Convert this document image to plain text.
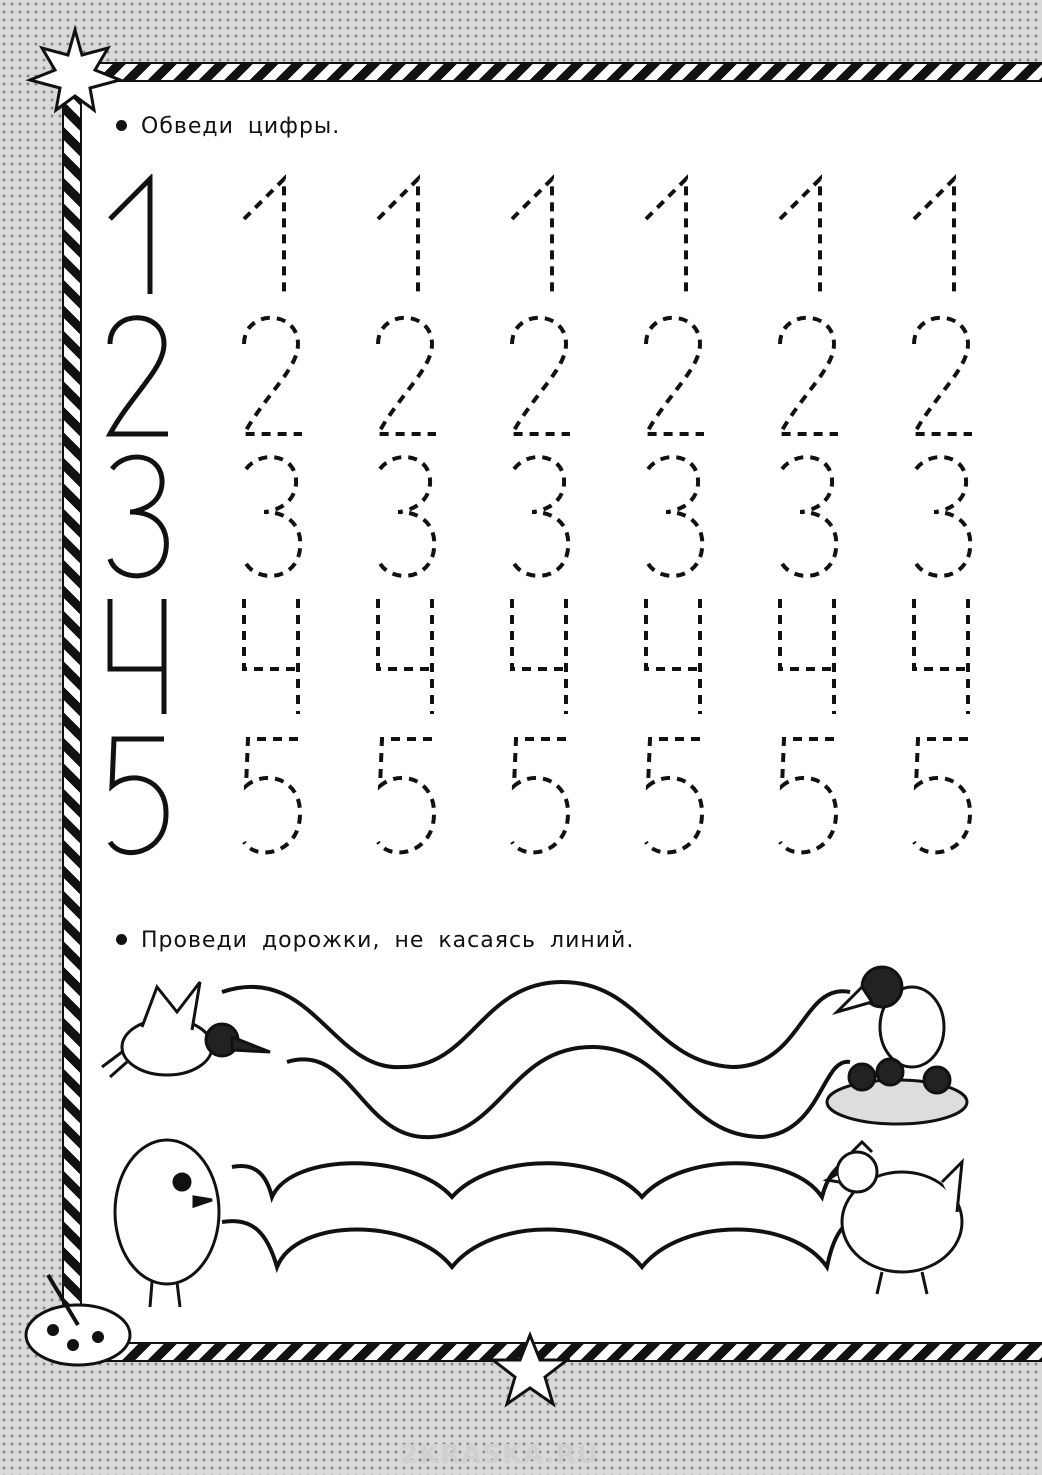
Обведи цифры.
Проведи дорожки, не касаясь линий.
2KRASKA.RU
